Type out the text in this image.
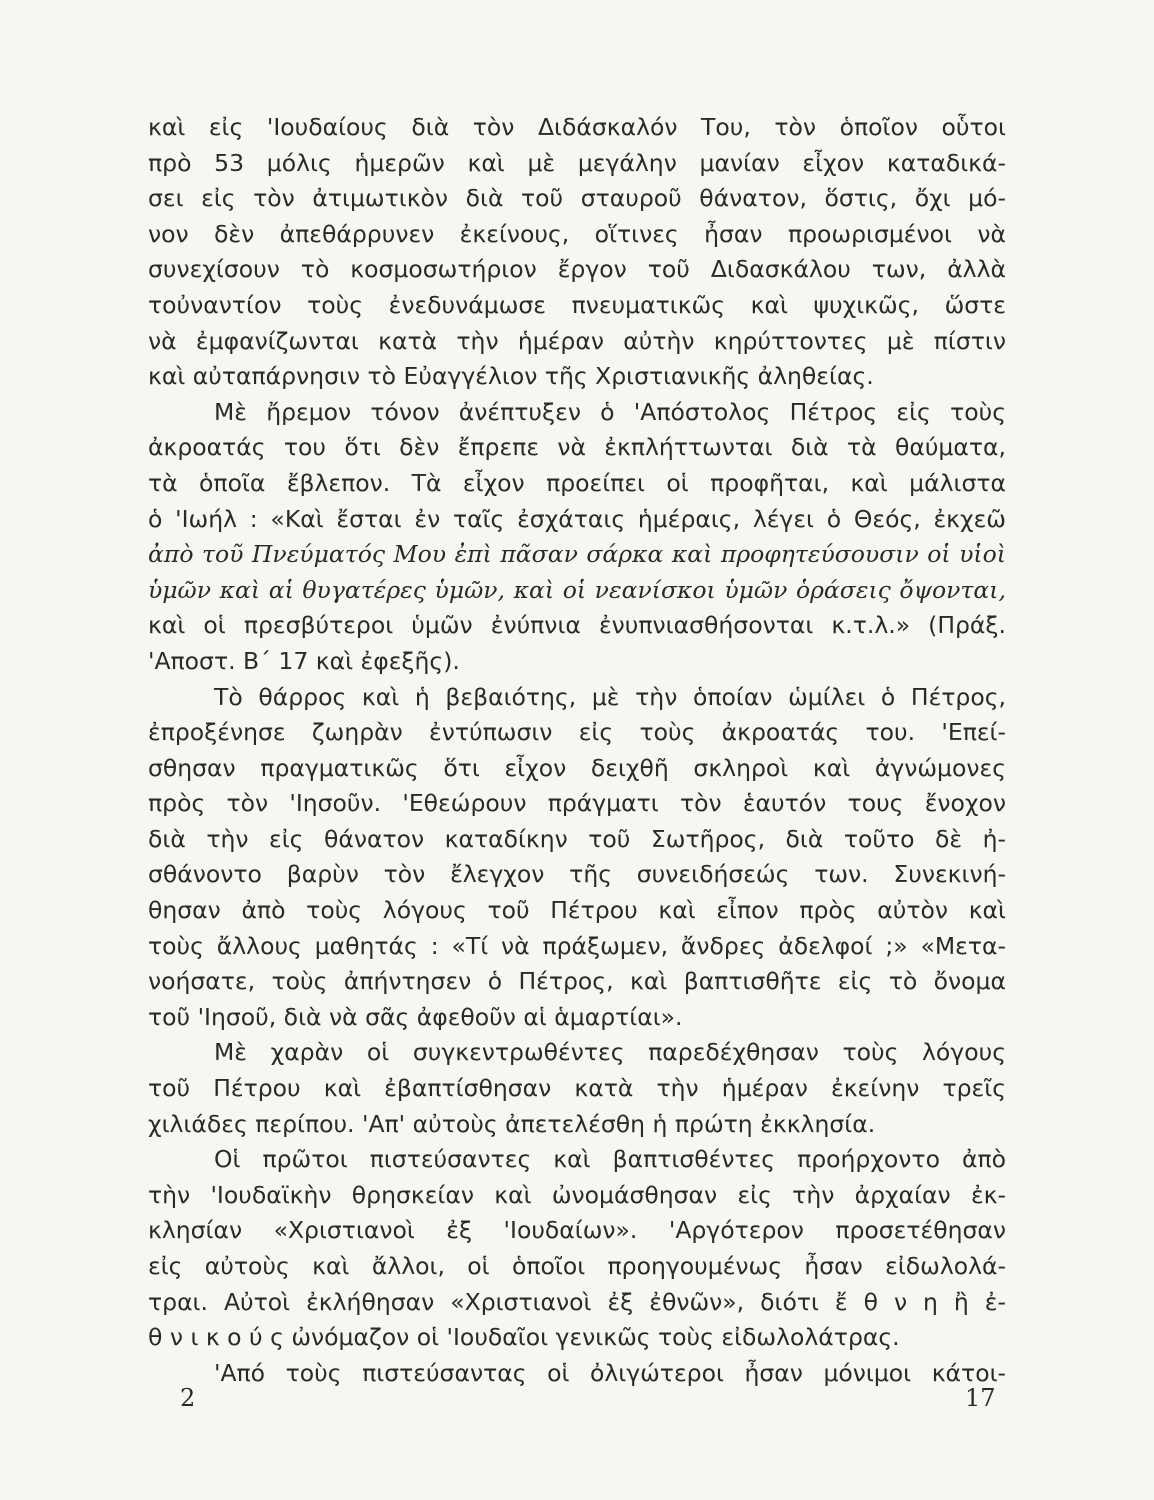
καὶ εἰς 'Ιουδαίους διὰ τὸν Διδάσκαλόν Του, τὸν ὁποῖον οὗτοι
πρὸ 53 μόλις ἡμερῶν καὶ μὲ μεγάλην μανίαν εἶχον καταδικά-
σει εἰς τὸν ἀτιμωτικὸν διὰ τοῦ σταυροῦ θάνατον, ὅστις, ὄχι μό-
νον δὲν ἀπεθάρρυνεν ἐκείνους, οἵτινες ἦσαν προωρισμένοι νὰ
συνεχίσουν τὸ κοσμοσωτήριον ἔργον τοῦ Διδασκάλου των, ἀλλὰ
τοὐναντίον τοὺς ἐνεδυνάμωσε πνευματικῶς καὶ ψυχικῶς, ὥστε
νὰ ἐμφανίζωνται κατὰ τὴν ἡμέραν αὐτὴν κηρύττοντες μὲ πίστιν
καὶ αὐταπάρνησιν τὸ Εὐαγγέλιον τῆς Χριστιανικῆς ἀληθείας.
Μὲ ἤρεμον τόνον ἀνέπτυξεν ὁ 'Απόστολος Πέτρος εἰς τοὺς
ἀκροατάς του ὅτι δὲν ἔπρεπε νὰ ἐκπλήττωνται διὰ τὰ θαύματα,
τὰ ὁποῖα ἔβλεπον. Τὰ εἶχον προείπει οἱ προφῆται, καὶ μάλιστα
ὁ 'Ιωήλ : «Καὶ ἔσται ἐν ταῖς ἐσχάταις ἡμέραις, λέγει ὁ Θεός, ἐκχεῶ
ἀπὸ τοῦ Πνεύματός Μου ἐπὶ πᾶσαν σάρκα καὶ προφητεύσουσιν οἱ υἱοὶ
ὑμῶν καὶ αἱ θυγατέρες ὑμῶν, καὶ οἱ νεανίσκοι ὑμῶν ὁράσεις ὄψονται,
καὶ οἱ πρεσβύτεροι ὑμῶν ἐνύπνια ἐνυπνιασθήσονται κ.τ.λ.» (Πράξ.
'Αποστ. Β΄ 17 καὶ ἐφεξῆς).
Τὸ θάρρος καὶ ἡ βεβαιότης, μὲ τὴν ὁποίαν ὡμίλει ὁ Πέτρος,
ἐπροξένησε ζωηρὰν ἐντύπωσιν εἰς τοὺς ἀκροατάς του. 'Επεί-
σθησαν πραγματικῶς ὅτι εἶχον δειχθῆ σκληροὶ καὶ ἀγνώμονες
πρὸς τὸν 'Ιησοῦν. 'Εθεώρουν πράγματι τὸν ἑαυτόν τους ἔνοχον
διὰ τὴν εἰς θάνατον καταδίκην τοῦ Σωτῆρος, διὰ τοῦτο δὲ ἠ-
σθάνοντο βαρὺν τὸν ἔλεγχον τῆς συνειδήσεώς των. Συνεκινή-
θησαν ἀπὸ τοὺς λόγους τοῦ Πέτρου καὶ εἶπον πρὸς αὐτὸν καὶ
τοὺς ἄλλους μαθητάς : «Τί νὰ πράξωμεν, ἄνδρες ἀδελφοί ;» «Μετα-
νοήσατε, τοὺς ἀπήντησεν ὁ Πέτρος, καὶ βαπτισθῆτε εἰς τὸ ὄνομα
τοῦ 'Ιησοῦ, διὰ νὰ σᾶς ἀφεθοῦν αἱ ἁμαρτίαι».
Μὲ χαρὰν οἱ συγκεντρωθέντες παρεδέχθησαν τοὺς λόγους
τοῦ Πέτρου καὶ ἐβαπτίσθησαν κατὰ τὴν ἡμέραν ἐκείνην τρεῖς
χιλιάδες περίπου. 'Απ' αὐτοὺς ἀπετελέσθη ἡ πρώτη ἐκκλησία.
Οἱ πρῶτοι πιστεύσαντες καὶ βαπτισθέντες προήρχοντο ἀπὸ
τὴν 'Ιουδαϊκὴν θρησκείαν καὶ ὠνομάσθησαν εἰς τὴν ἀρχαίαν ἐκ-
κλησίαν «Χριστιανοὶ ἐξ 'Ιουδαίων». 'Αργότερον προσετέθησαν
εἰς αὐτοὺς καὶ ἄλλοι, οἱ ὁποῖοι προηγουμένως ἦσαν εἰδωλολά-
τραι. Αὐτοὶ ἐκλήθησαν «Χριστιανοὶ ἐξ ἐθνῶν», διότι ἔ θ ν η ἢ ἐ-
θ ν ι κ ο ύ ς ὠνόμαζον οἱ 'Ιουδαῖοι γενικῶς τοὺς εἰδωλολάτρας.
'Από τοὺς πιστεύσαντας οἱ ὀλιγώτεροι ἦσαν μόνιμοι κάτοι-
2	17
